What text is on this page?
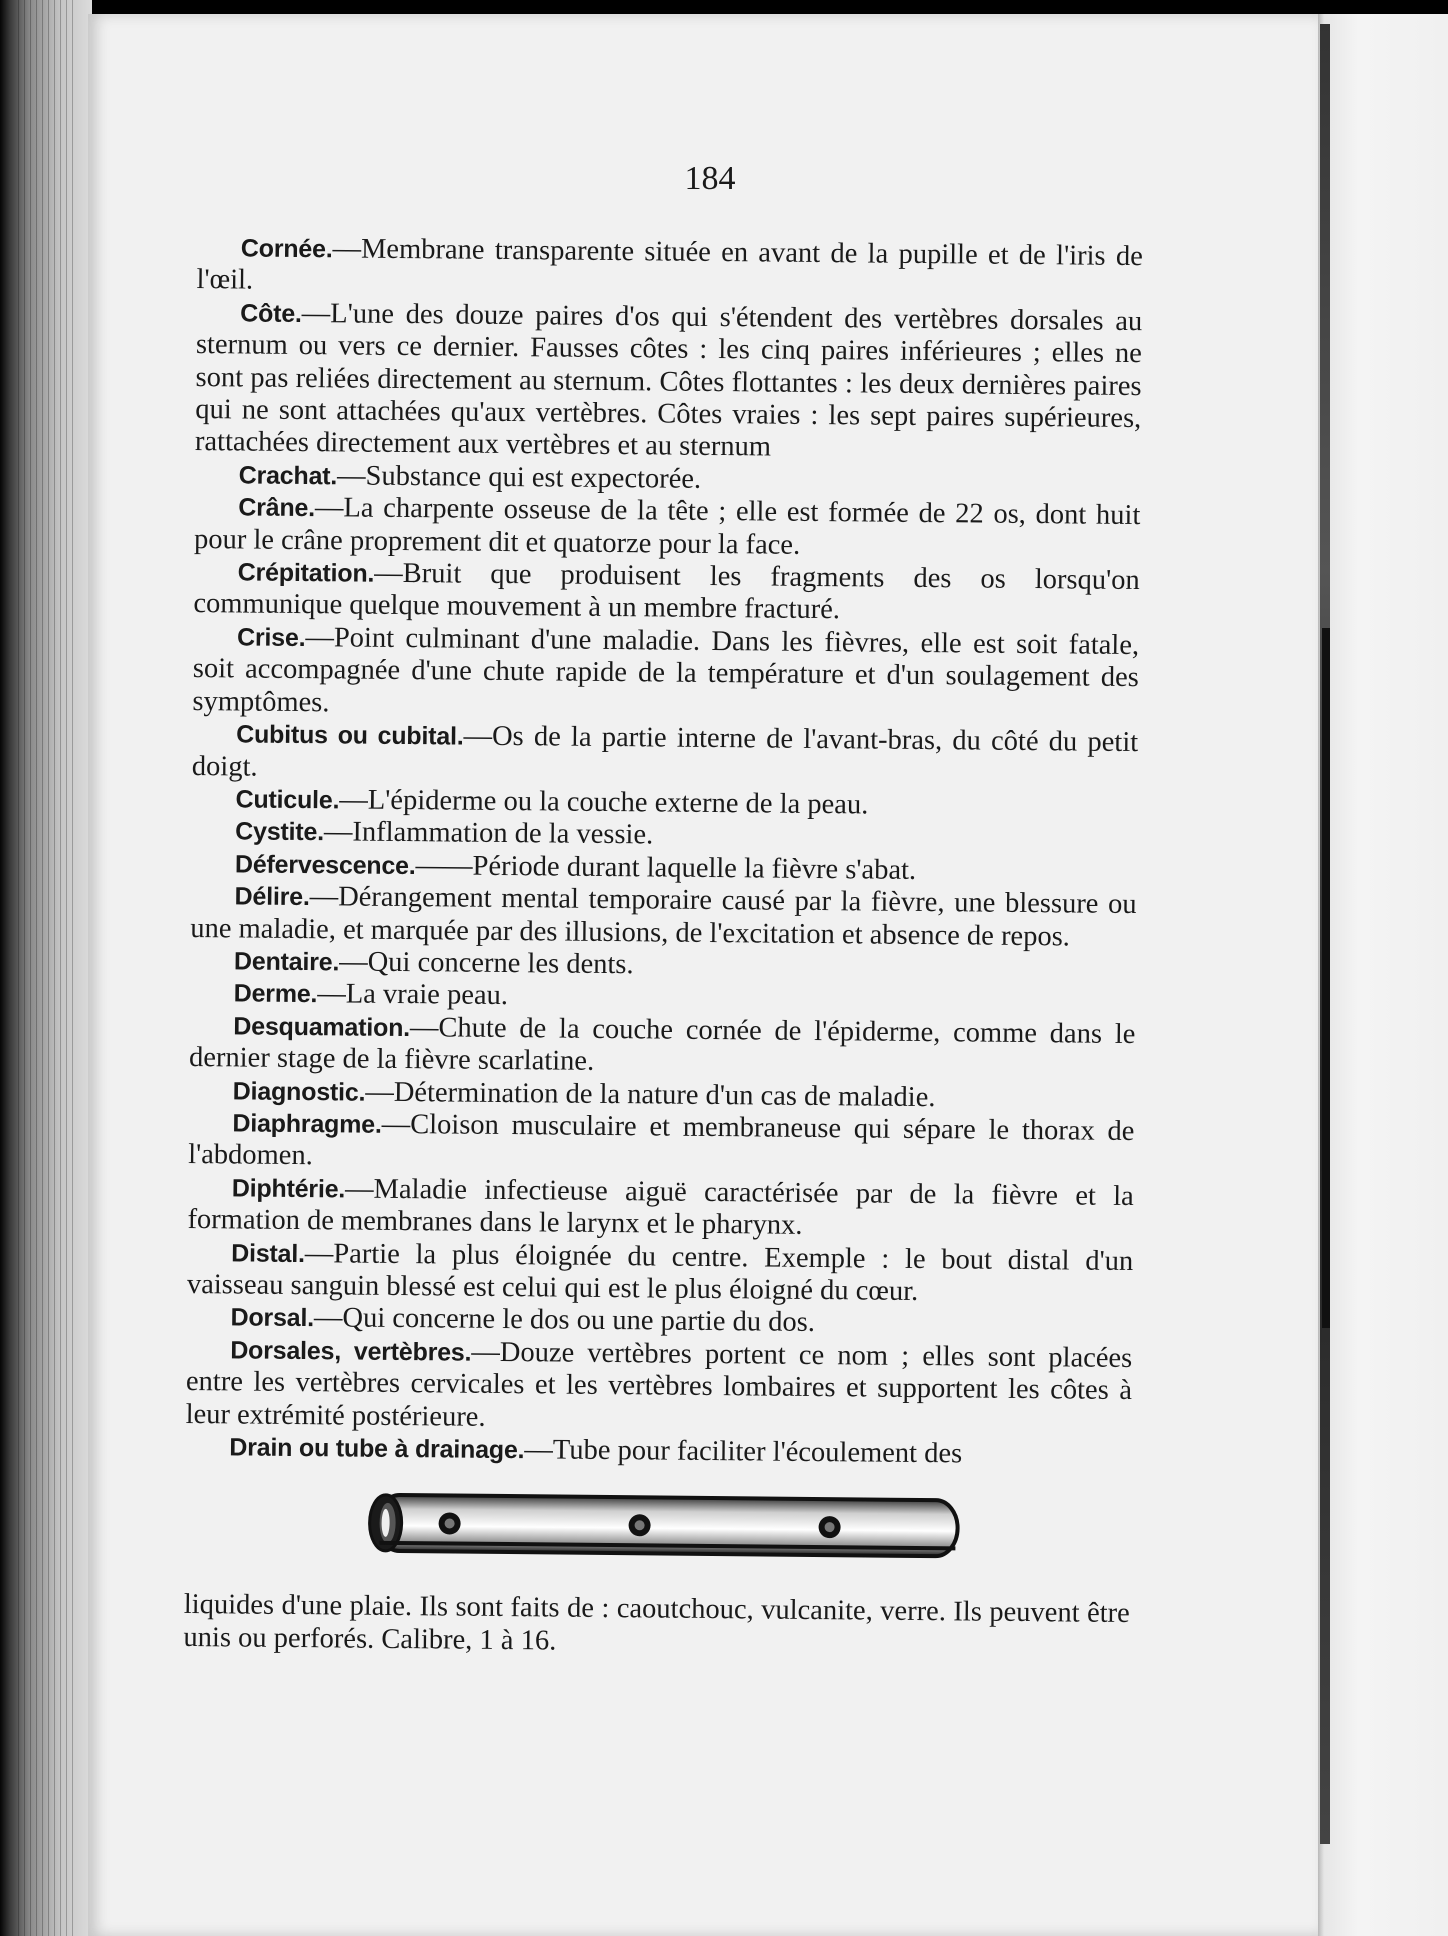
184

Cornée.—Membrane transparente située en avant de la pupille et de l'iris de l'œil.

Côte.—L'une des douze paires d'os qui s'étendent des vertèbres dorsales au sternum ou vers ce dernier. Fausses côtes : les cinq paires inférieures ; elles ne sont pas reliées directement au sternum. Côtes flottantes : les deux dernières paires qui ne sont attachées qu'aux vertèbres. Côtes vraies : les sept paires supérieures, rattachées directement aux vertèbres et au sternum

Crachat.—Substance qui est expectorée.

Crâne.—La charpente osseuse de la tête ; elle est formée de 22 os, dont huit pour le crâne proprement dit et quatorze pour la face.

Crépitation.—Bruit que produisent les fragments des os lorsqu'on communique quelque mouvement à un membre fracturé.

Crise.—Point culminant d'une maladie. Dans les fièvres, elle est soit fatale, soit accompagnée d'une chute rapide de la température et d'un soulagement des symptômes.

Cubitus ou cubital.—Os de la partie interne de l'avant-bras, du côté du petit doigt.

Cuticule.—L'épiderme ou la couche externe de la peau.

Cystite.—Inflammation de la vessie.

Défervescence.——Période durant laquelle la fièvre s'abat.

Délire.—Dérangement mental temporaire causé par la fièvre, une blessure ou une maladie, et marquée par des illusions, de l'excitation et absence de repos.

Dentaire.—Qui concerne les dents.

Derme.—La vraie peau.

Desquamation.—Chute de la couche cornée de l'épiderme, comme dans le dernier stage de la fièvre scarlatine.

Diagnostic.—Détermination de la nature d'un cas de maladie.

Diaphragme.—Cloison musculaire et membraneuse qui sépare le thorax de l'abdomen.

Diphtérie.—Maladie infectieuse aiguë caractérisée par de la fièvre et la formation de membranes dans le larynx et le pharynx.

Distal.—Partie la plus éloignée du centre. Exemple : le bout distal d'un vaisseau sanguin blessé est celui qui est le plus éloigné du cœur.

Dorsal.—Qui concerne le dos ou une partie du dos.

Dorsales, vertèbres.—Douze vertèbres portent ce nom ; elles sont placées entre les vertèbres cervicales et les vertèbres lombaires et supportent les côtes à leur extrémité postérieure.

Drain ou tube à drainage.—Tube pour faciliter l'écoulement des

liquides d'une plaie. Ils sont faits de : caoutchouc, vulcanite, verre. Ils peuvent être unis ou perforés. Calibre, 1 à 16.
